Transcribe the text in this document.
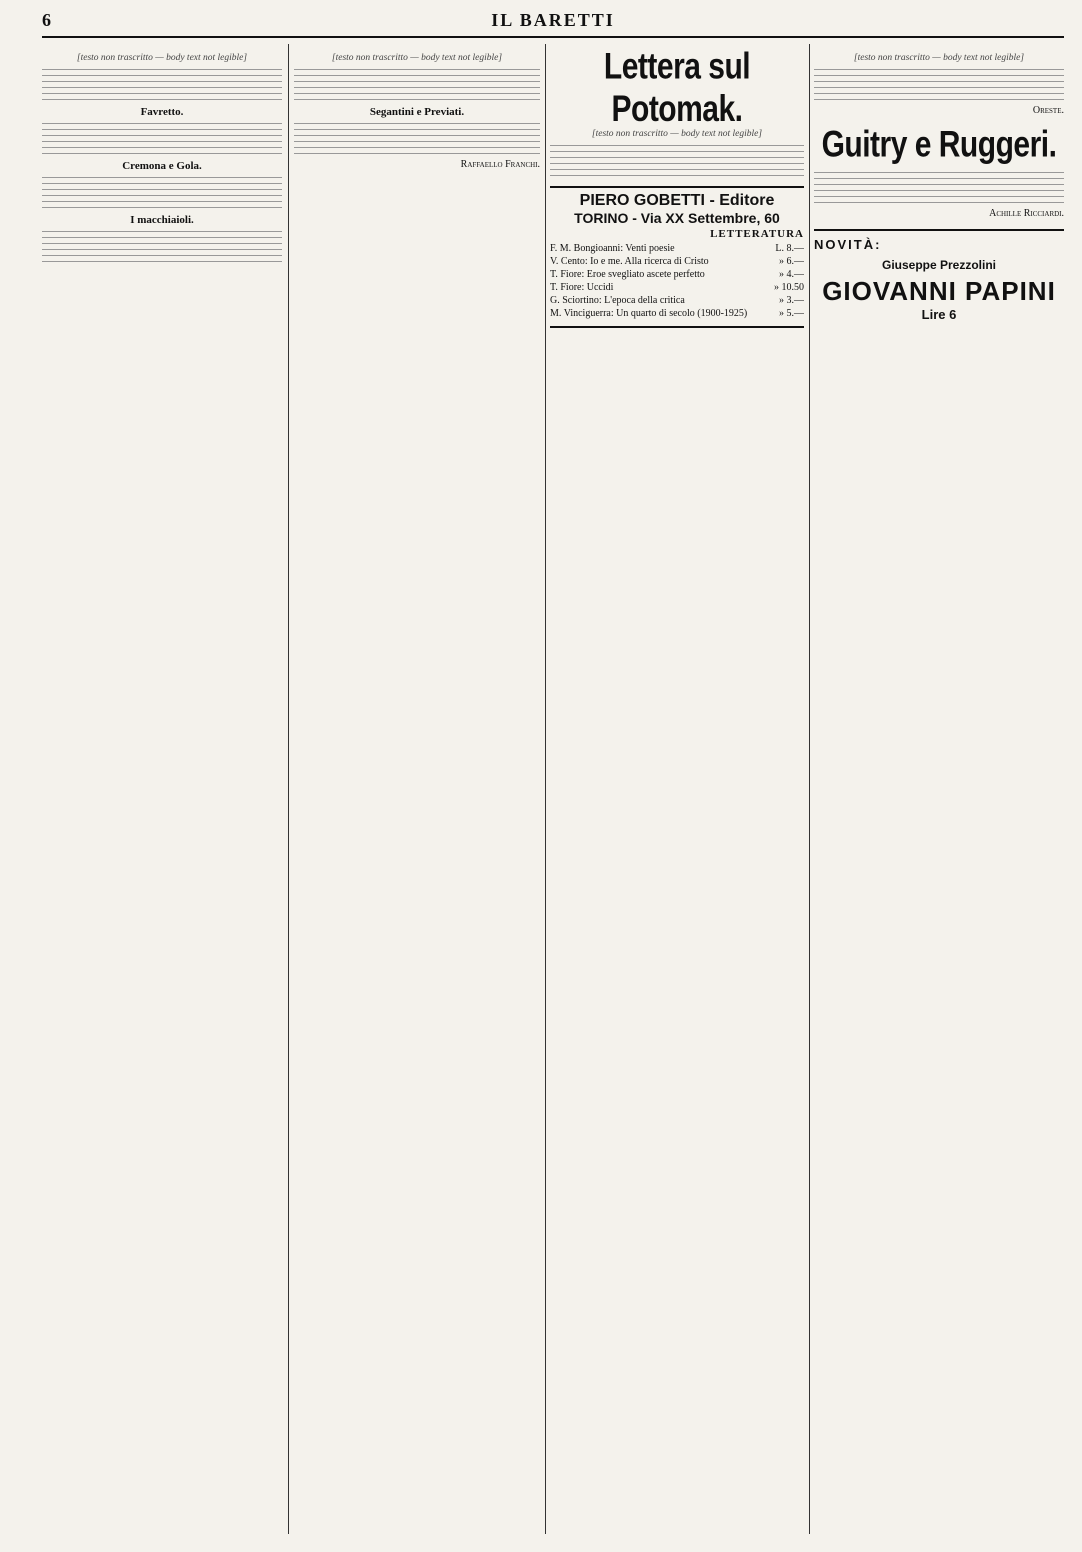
6	IL BARETTI
[testo non trascritto — body text not legible]
Favretto.
Cremona e Gola.
I macchiaioli.
[testo non trascritto — body text not legible]
Segantini e Previati.
Raffaello Franchi.
Lettera sul Potomak.
[testo non trascritto — body text not legible]
PIERO GOBETTI - Editore
TORINO - Via XX Settembre, 60
LETTERATURA
F. M. Bongioanni: Venti poesie	L. 8.—
V. Cento: Io e me. Alla ricerca di Cristo	» 6.—
T. Fiore: Eroe svegliato ascete perfetto	» 4.—
T. Fiore: Uccidi	» 10.50
G. Sciortino: L'epoca della critica	» 3.—
M. Vinciguerra: Un quarto di secolo (1900-1925)	» 5.—
[testo non trascritto — body text not legible]
Oreste.
Guitry e Ruggeri.
Achille Ricciardi.
NOVITÀ:
Giuseppe Prezzolini
GIOVANNI PAPINI
Lire 6
